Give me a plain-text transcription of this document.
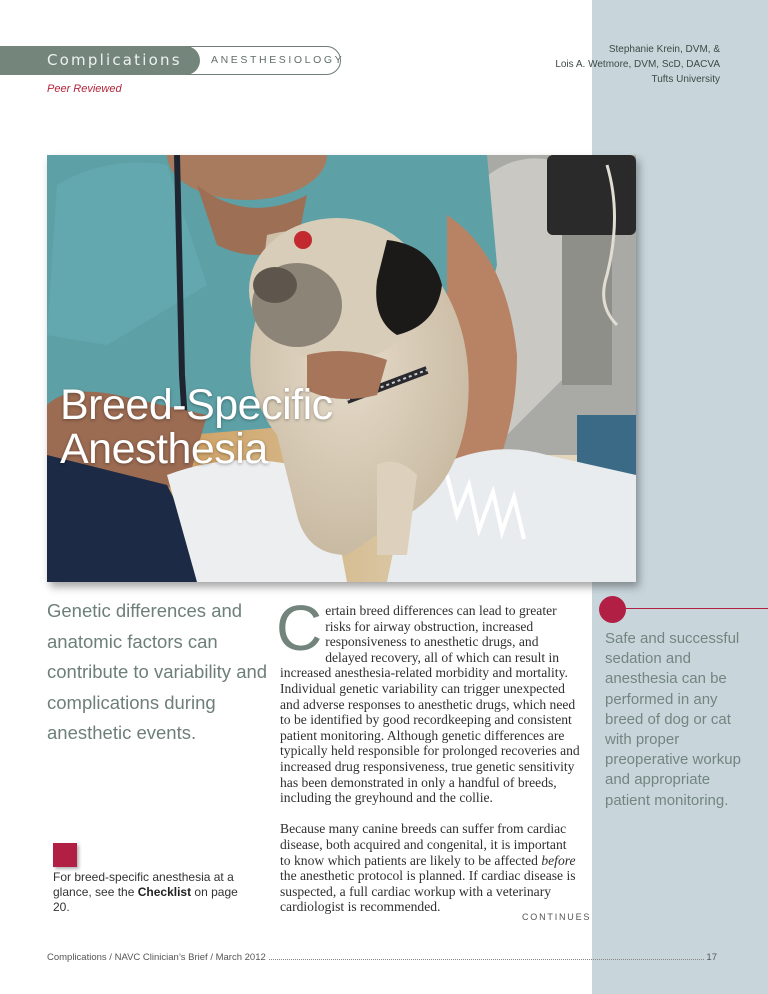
Complications	ANESTHESIOLOGY
Peer Reviewed
Stephanie Krein, DVM, &
Lois A. Wetmore, DVM, ScD, DACVA
Tufts University
Breed-Specific
Anesthesia

Genetic differences and anatomic factors can contribute to variability and complications during anesthetic events.

For breed-specific anesthesia at a glance, see the Checklist on page 20.

Certain breed differences can lead to greater risks for airway obstruction, increased responsiveness to anesthetic drugs, and delayed recovery, all of which can result in increased anesthesia-related morbidity and mortality. Individual genetic variability can trigger unexpected and adverse responses to anesthetic drugs, which need to be identified by good recordkeeping and consistent patient monitoring. Although genetic differences are typically held responsible for prolonged recoveries and increased drug responsiveness, true genetic sensitivity has been demonstrated in only a handful of breeds, including the greyhound and the collie.

Because many canine breeds can suffer from cardiac disease, both acquired and congenital, it is important to know which patients are likely to be affected before the anesthetic protocol is planned. If cardiac disease is suspected, a full cardiac workup with a veterinary cardiologist is recommended.

CONTINUES

Safe and successful sedation and anesthesia can be performed in any breed of dog or cat with proper preoperative workup and appropriate patient monitoring.

Complications / NAVC Clinician’s Brief / March 2012	17
